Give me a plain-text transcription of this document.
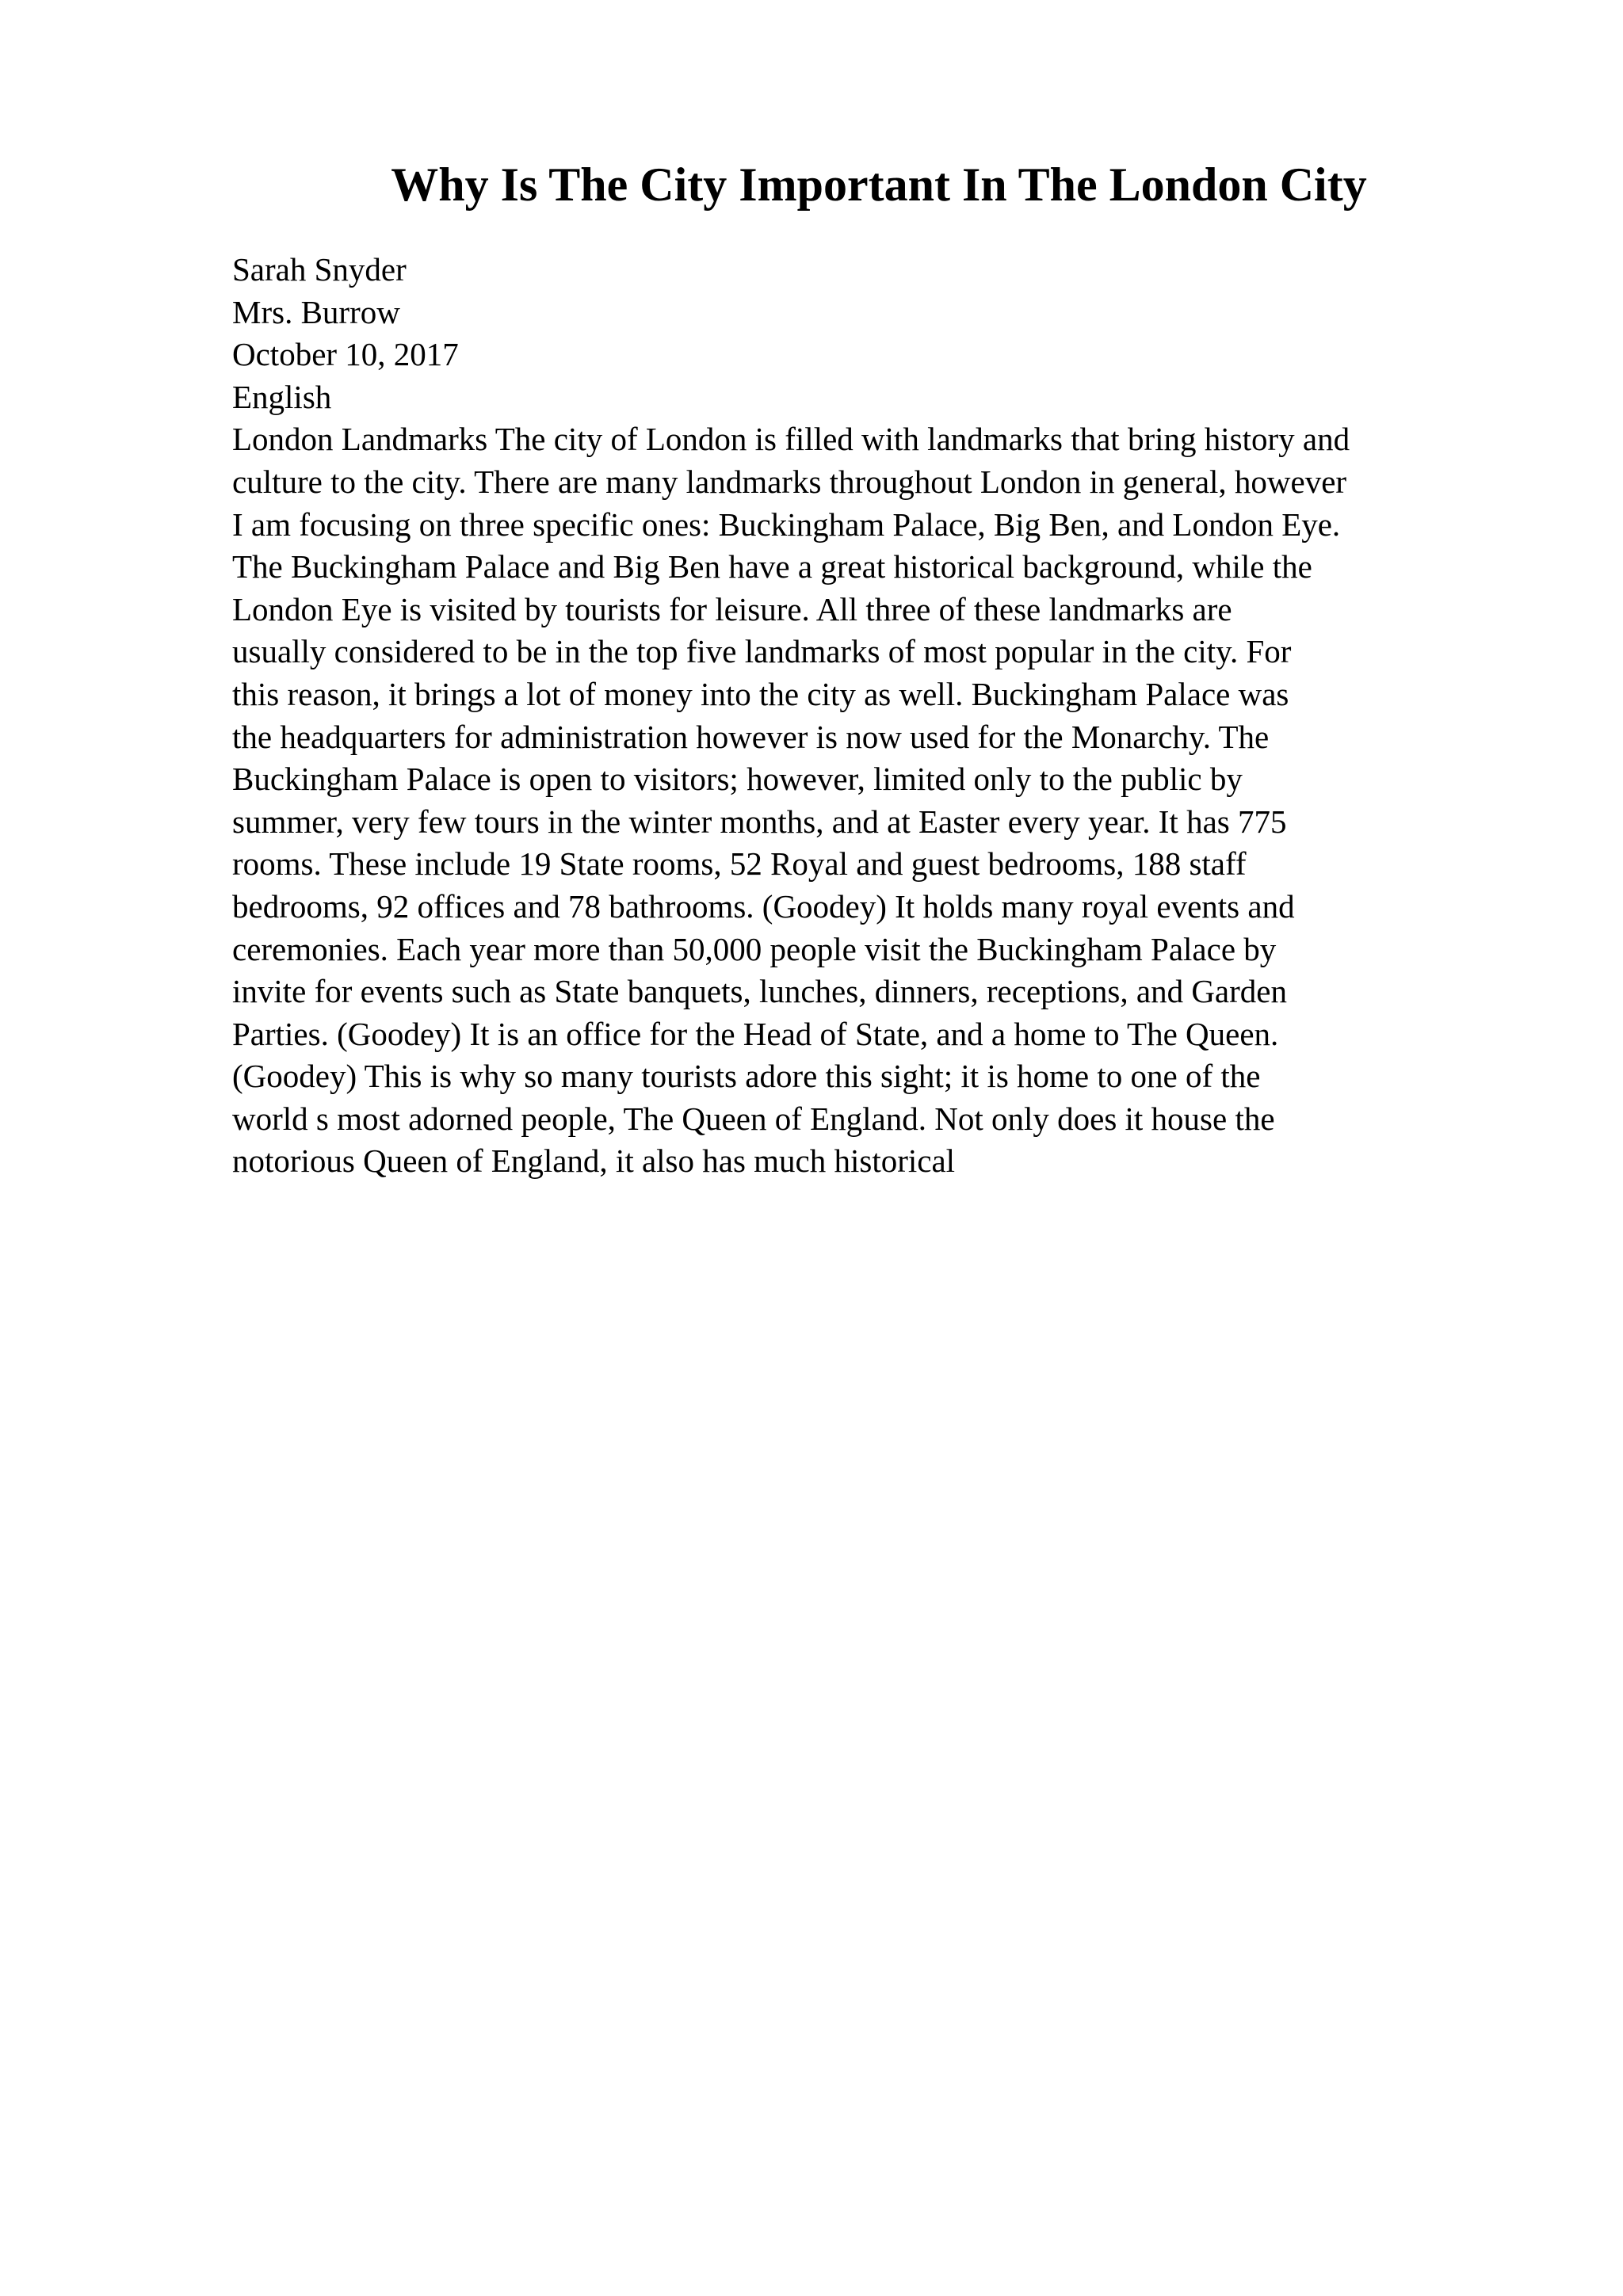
Why Is The City Important In The London City
Sarah Snyder
Mrs. Burrow
October 10, 2017
English
London Landmarks The city of London is filled with landmarks that bring history and
culture to the city. There are many landmarks throughout London in general, however
I am focusing on three specific ones: Buckingham Palace, Big Ben, and London Eye.
The Buckingham Palace and Big Ben have a great historical background, while the
London Eye is visited by tourists for leisure. All three of these landmarks are
usually considered to be in the top five landmarks of most popular in the city. For
this reason, it brings a lot of money into the city as well. Buckingham Palace was
the headquarters for administration however is now used for the Monarchy. The
Buckingham Palace is open to visitors; however, limited only to the public by
summer, very few tours in the winter months, and at Easter every year. It has 775
rooms. These include 19 State rooms, 52 Royal and guest bedrooms, 188 staff
bedrooms, 92 offices and 78 bathrooms. (Goodey) It holds many royal events and
ceremonies. Each year more than 50,000 people visit the Buckingham Palace by
invite for events such as State banquets, lunches, dinners, receptions, and Garden
Parties. (Goodey) It is an office for the Head of State, and a home to The Queen.
(Goodey) This is why so many tourists adore this sight; it is home to one of the
world s most adorned people, The Queen of England. Not only does it house the
notorious Queen of England, it also has much historical
